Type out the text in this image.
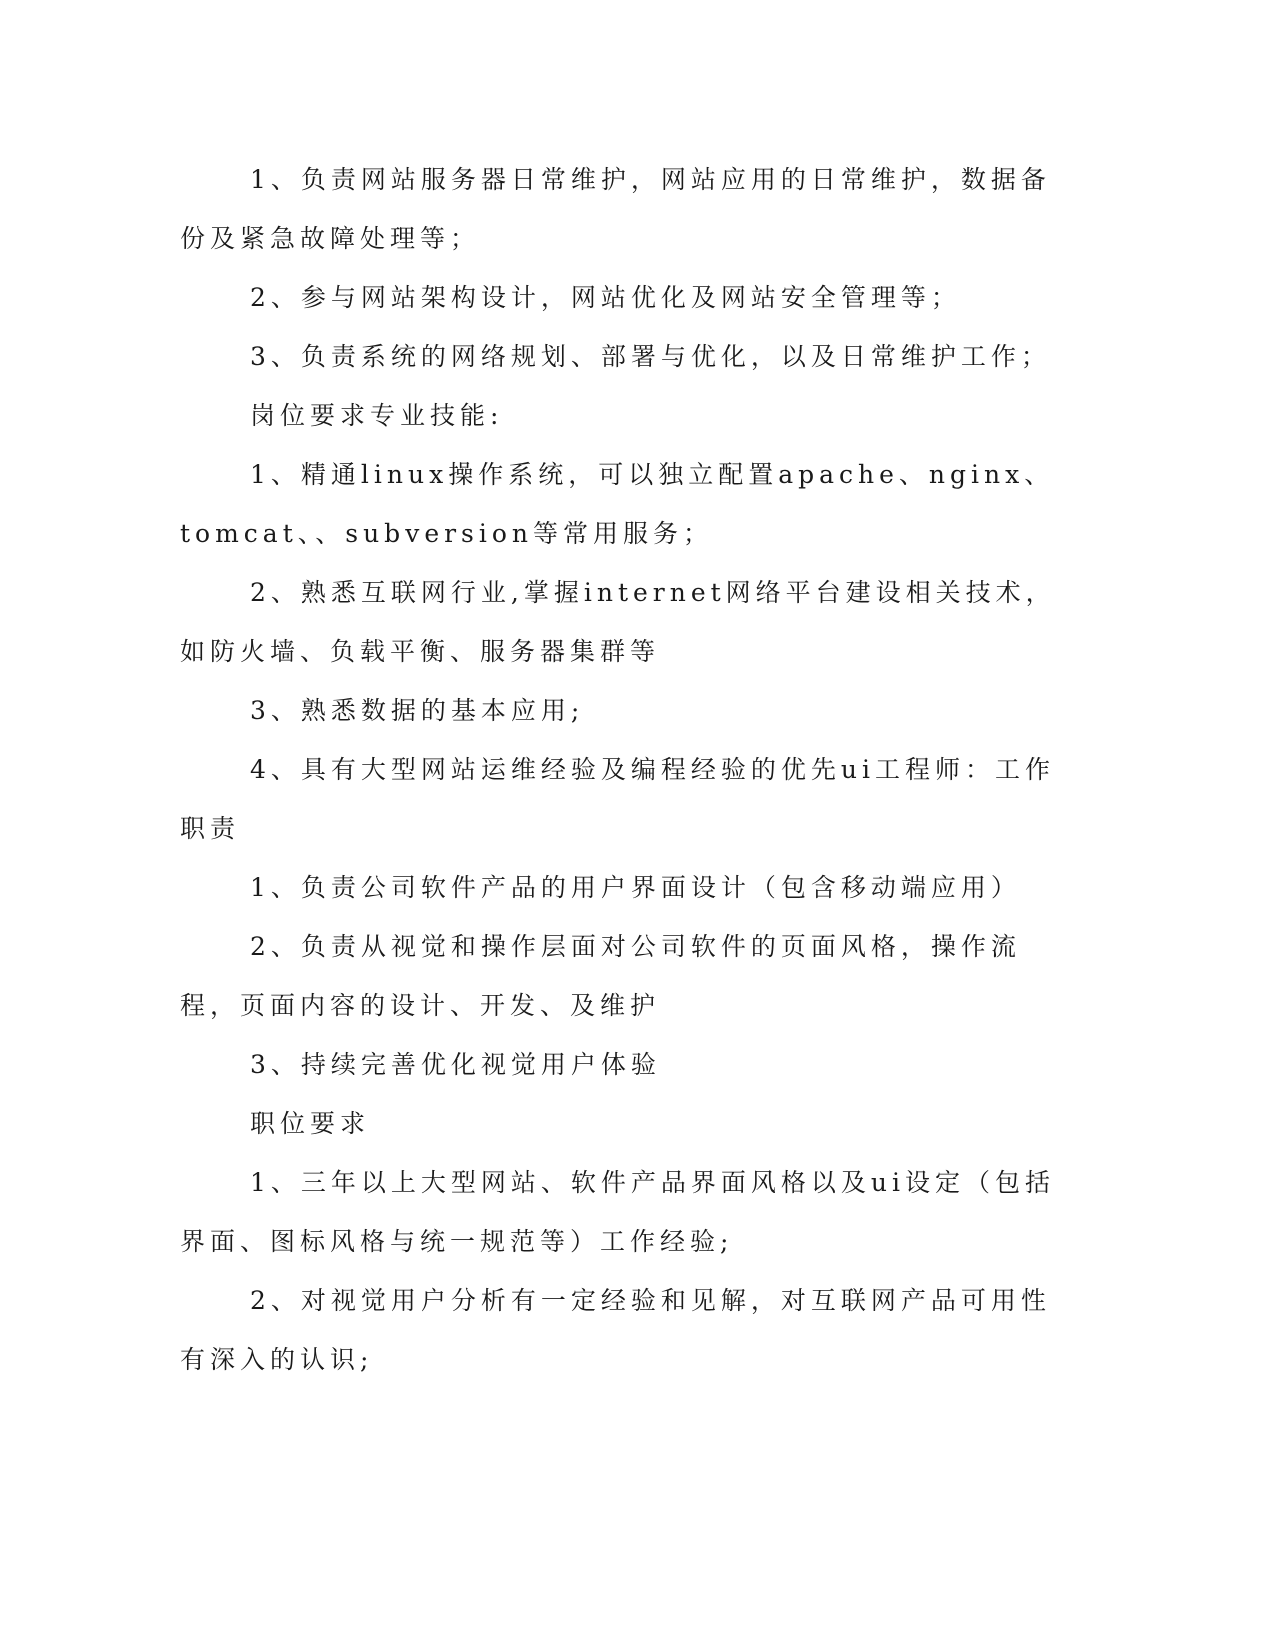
1、负责网站服务器日常维护，网站应用的日常维护，数据备份及紧急故障处理等；

2、参与网站架构设计，网站优化及网站安全管理等；

3、负责系统的网络规划、部署与优化，以及日常维护工作；

岗位要求专业技能:

1、精通linux操作系统，可以独立配置apache、nginx、tomcat、、subversion等常用服务；

2、熟悉互联网行业,掌握internet网络平台建设相关技术，如防火墙、负载平衡、服务器集群等

3、熟悉数据的基本应用;

4、具有大型网站运维经验及编程经验的优先ui工程师：工作职责

1、负责公司软件产品的用户界面设计（包含移动端应用）

2、负责从视觉和操作层面对公司软件的页面风格，操作流程，页面内容的设计、开发、及维护

3、持续完善优化视觉用户体验

职位要求

1、三年以上大型网站、软件产品界面风格以及ui设定（包括界面、图标风格与统一规范等）工作经验;

2、对视觉用户分析有一定经验和见解，对互联网产品可用性有深入的认识;
